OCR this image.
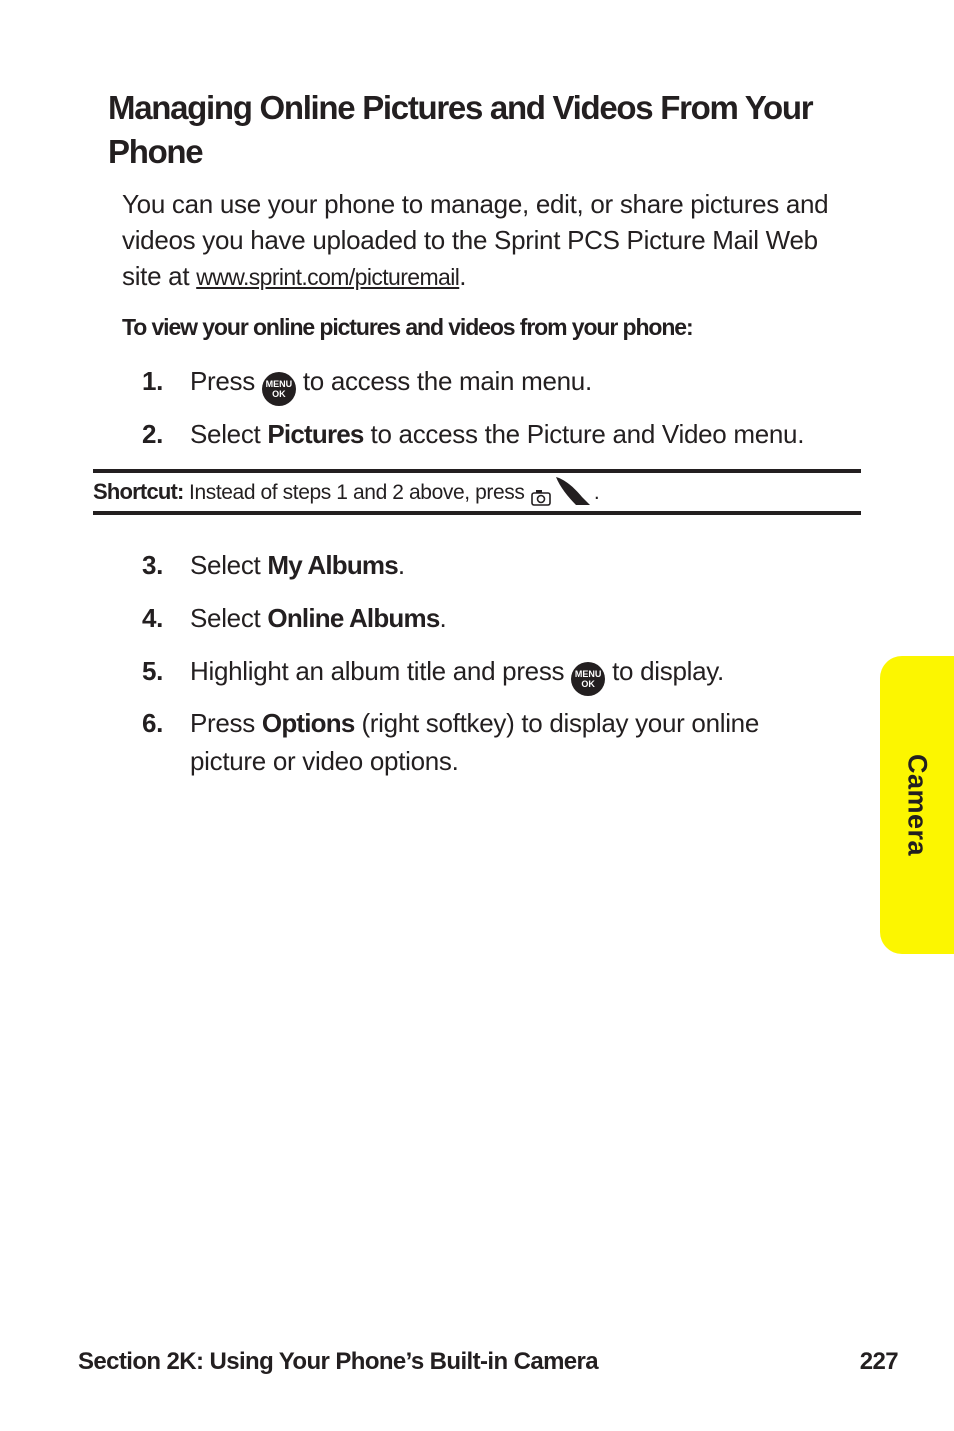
Managing Online Pictures and Videos From Your Phone

You can use your phone to manage, edit, or share pictures and videos you have uploaded to the Sprint PCS Picture Mail Web site at www.sprint.com/picturemail.

To view your online pictures and videos from your phone:

1. Press MENU
OK to access the main menu.
2. Select Pictures to access the Picture and Video menu.
Shortcut: Instead of steps 1 and 2 above, press	.
3. Select My Albums.
4. Select Online Albums.
5. Highlight an album title and press MENU
OK to display.
6. Press Options (right softkey) to display your online picture or video options.	Camera
Section 2K: Using Your Phone’s Built-in Camera	227
